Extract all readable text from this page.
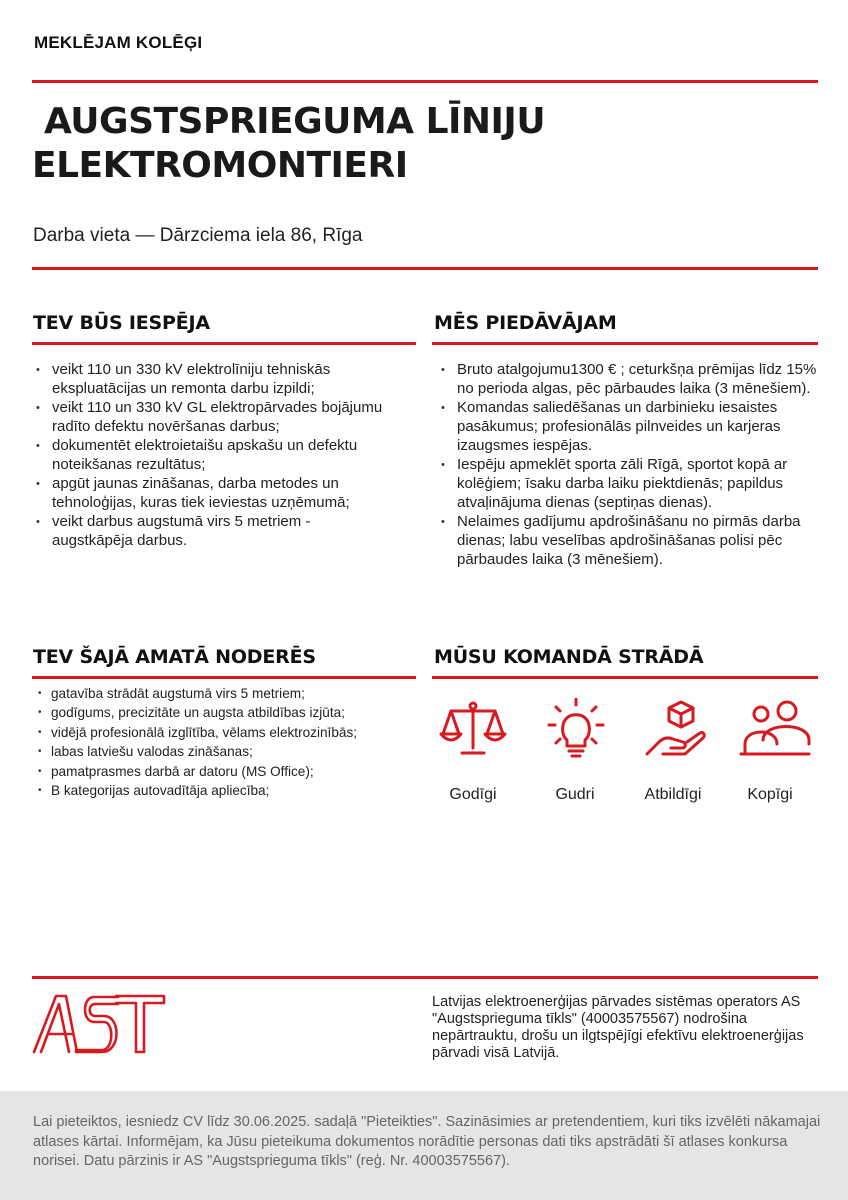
MEKLĒJAM KOLĒĢI
AUGSTSPRIEGUMA LĪNIJU
ELEKTROMONTIERI
Darba vieta — Dārzciema iela 86, Rīga
TEV BŪS IESPĒJA
• veikt 110 un 330 kV elektrolīniju tehniskās ekspluatācijas un remonta darbu izpildi;
• veikt 110 un 330 kV GL elektropārvades bojājumu radīto defektu novēršanas darbus;
• dokumentēt elektroietaišu apskašu un defektu noteikšanas rezultātus;
• apgūt jaunas zināšanas, darba metodes un tehnoloģijas, kuras tiek ieviestas uzņēmumā;
• veikt darbus augstumā virs 5 metriem - augstkāpēja darbus.
MĒS PIEDĀVĀJAM
• Bruto atalgojumu1300 € ; ceturkšņa prēmijas līdz 15% no perioda algas, pēc pārbaudes laika (3 mēnešiem).
• Komandas saliedēšanas un darbinieku iesaistes pasākumus; profesionālās pilnveides un karjeras izaugsmes iespējas.
• Iespēju apmeklēt sporta zāli Rīgā, sportot kopā ar kolēģiem; īsaku darba laiku piektdienās; papildus atvaļinājuma dienas (septiņas dienas).
• Nelaimes gadījumu apdrošināšanu no pirmās darba dienas; labu veselības apdrošināšanas polisi pēc pārbaudes laika (3 mēnešiem).
TEV ŠAJĀ AMATĀ NODERĒS
• gatavība strādāt augstumā virs 5 metriem;
• godīgums, precizitāte un augsta atbildības izjūta;
• vidējā profesionālā izglītība, vēlams elektrozinībās;
• labas latviešu valodas zināšanas;
• pamatprasmes darbā ar datoru (MS Office);
• B kategorijas autovadītāja apliecība;
MŪSU KOMANDĀ STRĀDĀ
Godīgi	Gudri	Atbildīgi	Kopīgi
Latvijas elektroenerģijas pārvades sistēmas operators AS "Augstsprieguma tīkls" (40003575567) nodrošina nepārtrauktu, drošu un ilgtspējīgi efektīvu elektroenerģijas pārvadi visā Latvijā.
Lai pieteiktos, iesniedz CV līdz 30.06.2025. sadaļā "Pieteikties". Sazināsimies ar pretendentiem, kuri tiks izvēlēti nākamajai atlases kārtai. Informējam, ka Jūsu pieteikuma dokumentos norādītie personas dati tiks apstrādāti šī atlases konkursa norisei. Datu pārzinis ir AS "Augstsprieguma tīkls" (reģ. Nr. 40003575567).
